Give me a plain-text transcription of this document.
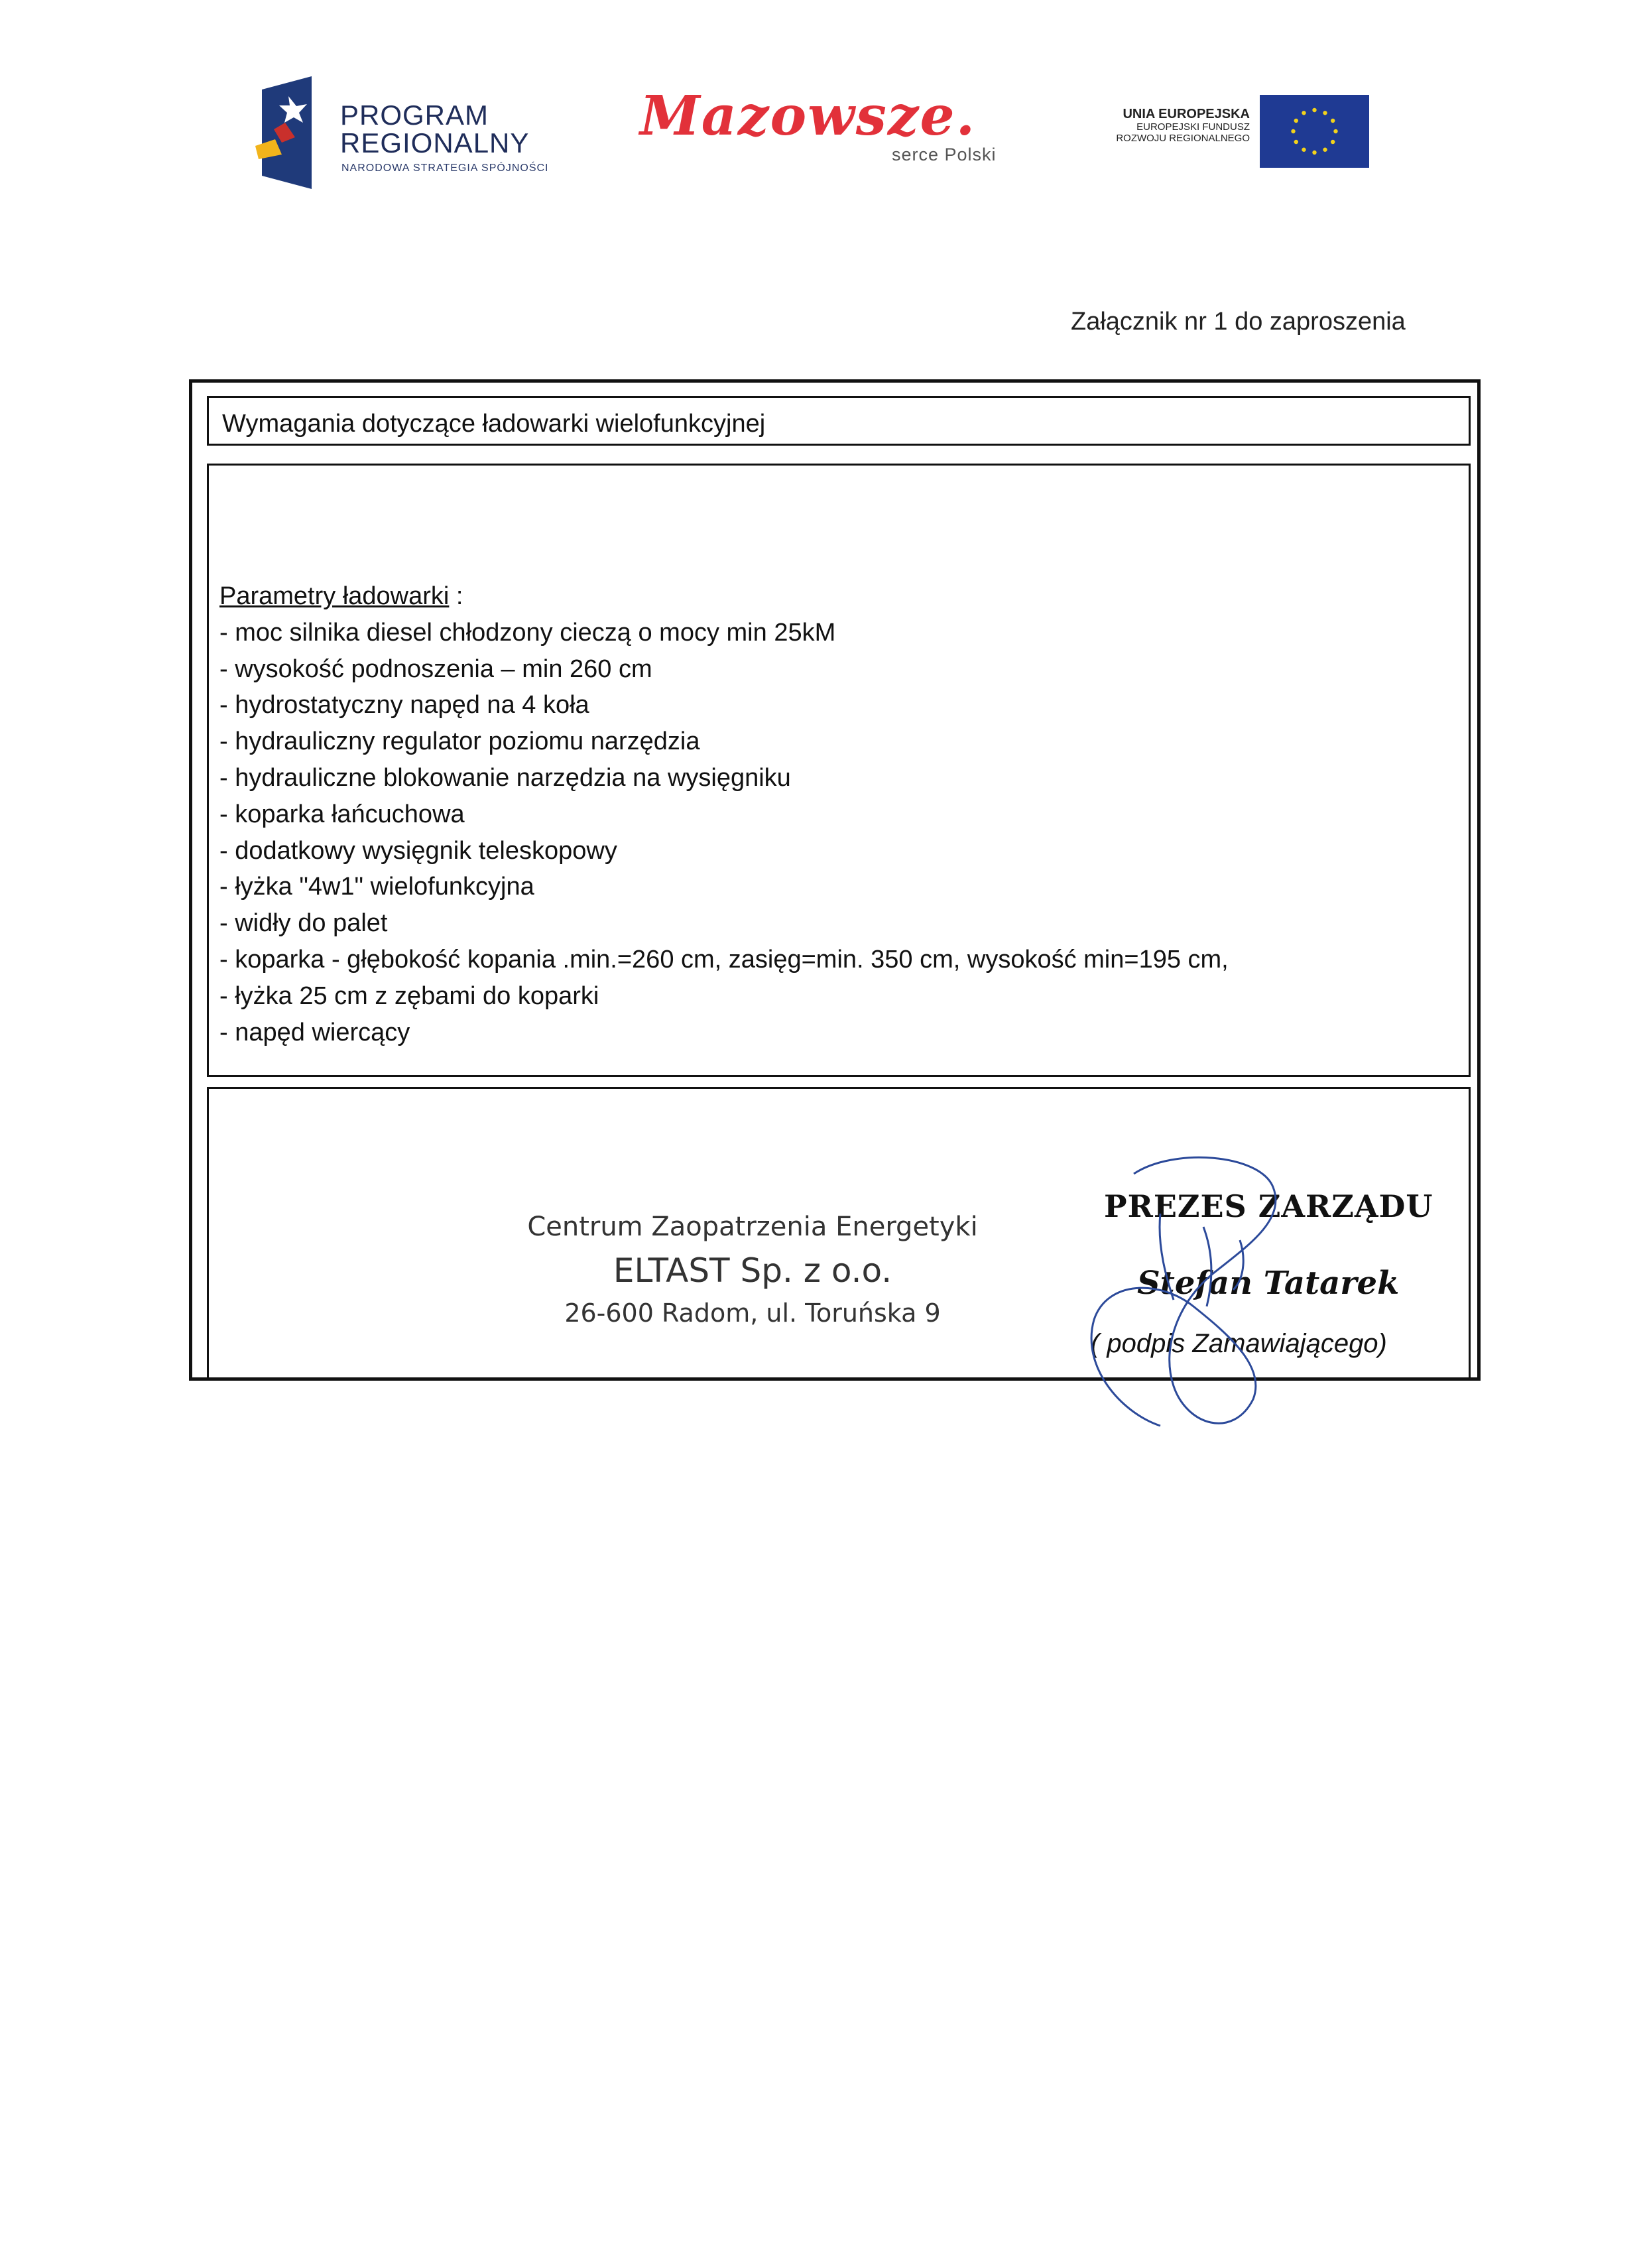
PROGRAM
REGIONALNY
NARODOWA STRATEGIA SPÓJNOŚCI
Mazowsze.
serce Polski
UNIA EUROPEJSKA
EUROPEJSKI FUNDUSZ
ROZWOJU REGIONALNEGO
Załącznik nr 1 do zaproszenia
Wymagania dotyczące ładowarki wielofunkcyjnej
Parametry ładowarki :
- moc silnika diesel chłodzony cieczą o mocy min 25kM
- wysokość podnoszenia – min 260 cm
- hydrostatyczny napęd na 4 koła
- hydrauliczny regulator poziomu narzędzia
- hydrauliczne blokowanie narzędzia na wysięgniku
- koparka łańcuchowa
- dodatkowy wysięgnik teleskopowy
- łyżka "4w1" wielofunkcyjna
- widły do palet
- koparka - głębokość kopania .min.=260 cm, zasięg=min. 350 cm, wysokość min=195 cm,
- łyżka 25 cm z zębami do koparki
- napęd wiercący
Centrum Zaopatrzenia Energetyki
ELTAST Sp. z o.o.
26-600 Radom, ul. Toruńska 9
PREZES ZARZĄDU
Stefan Tatarek
( podpis Zamawiającego)
